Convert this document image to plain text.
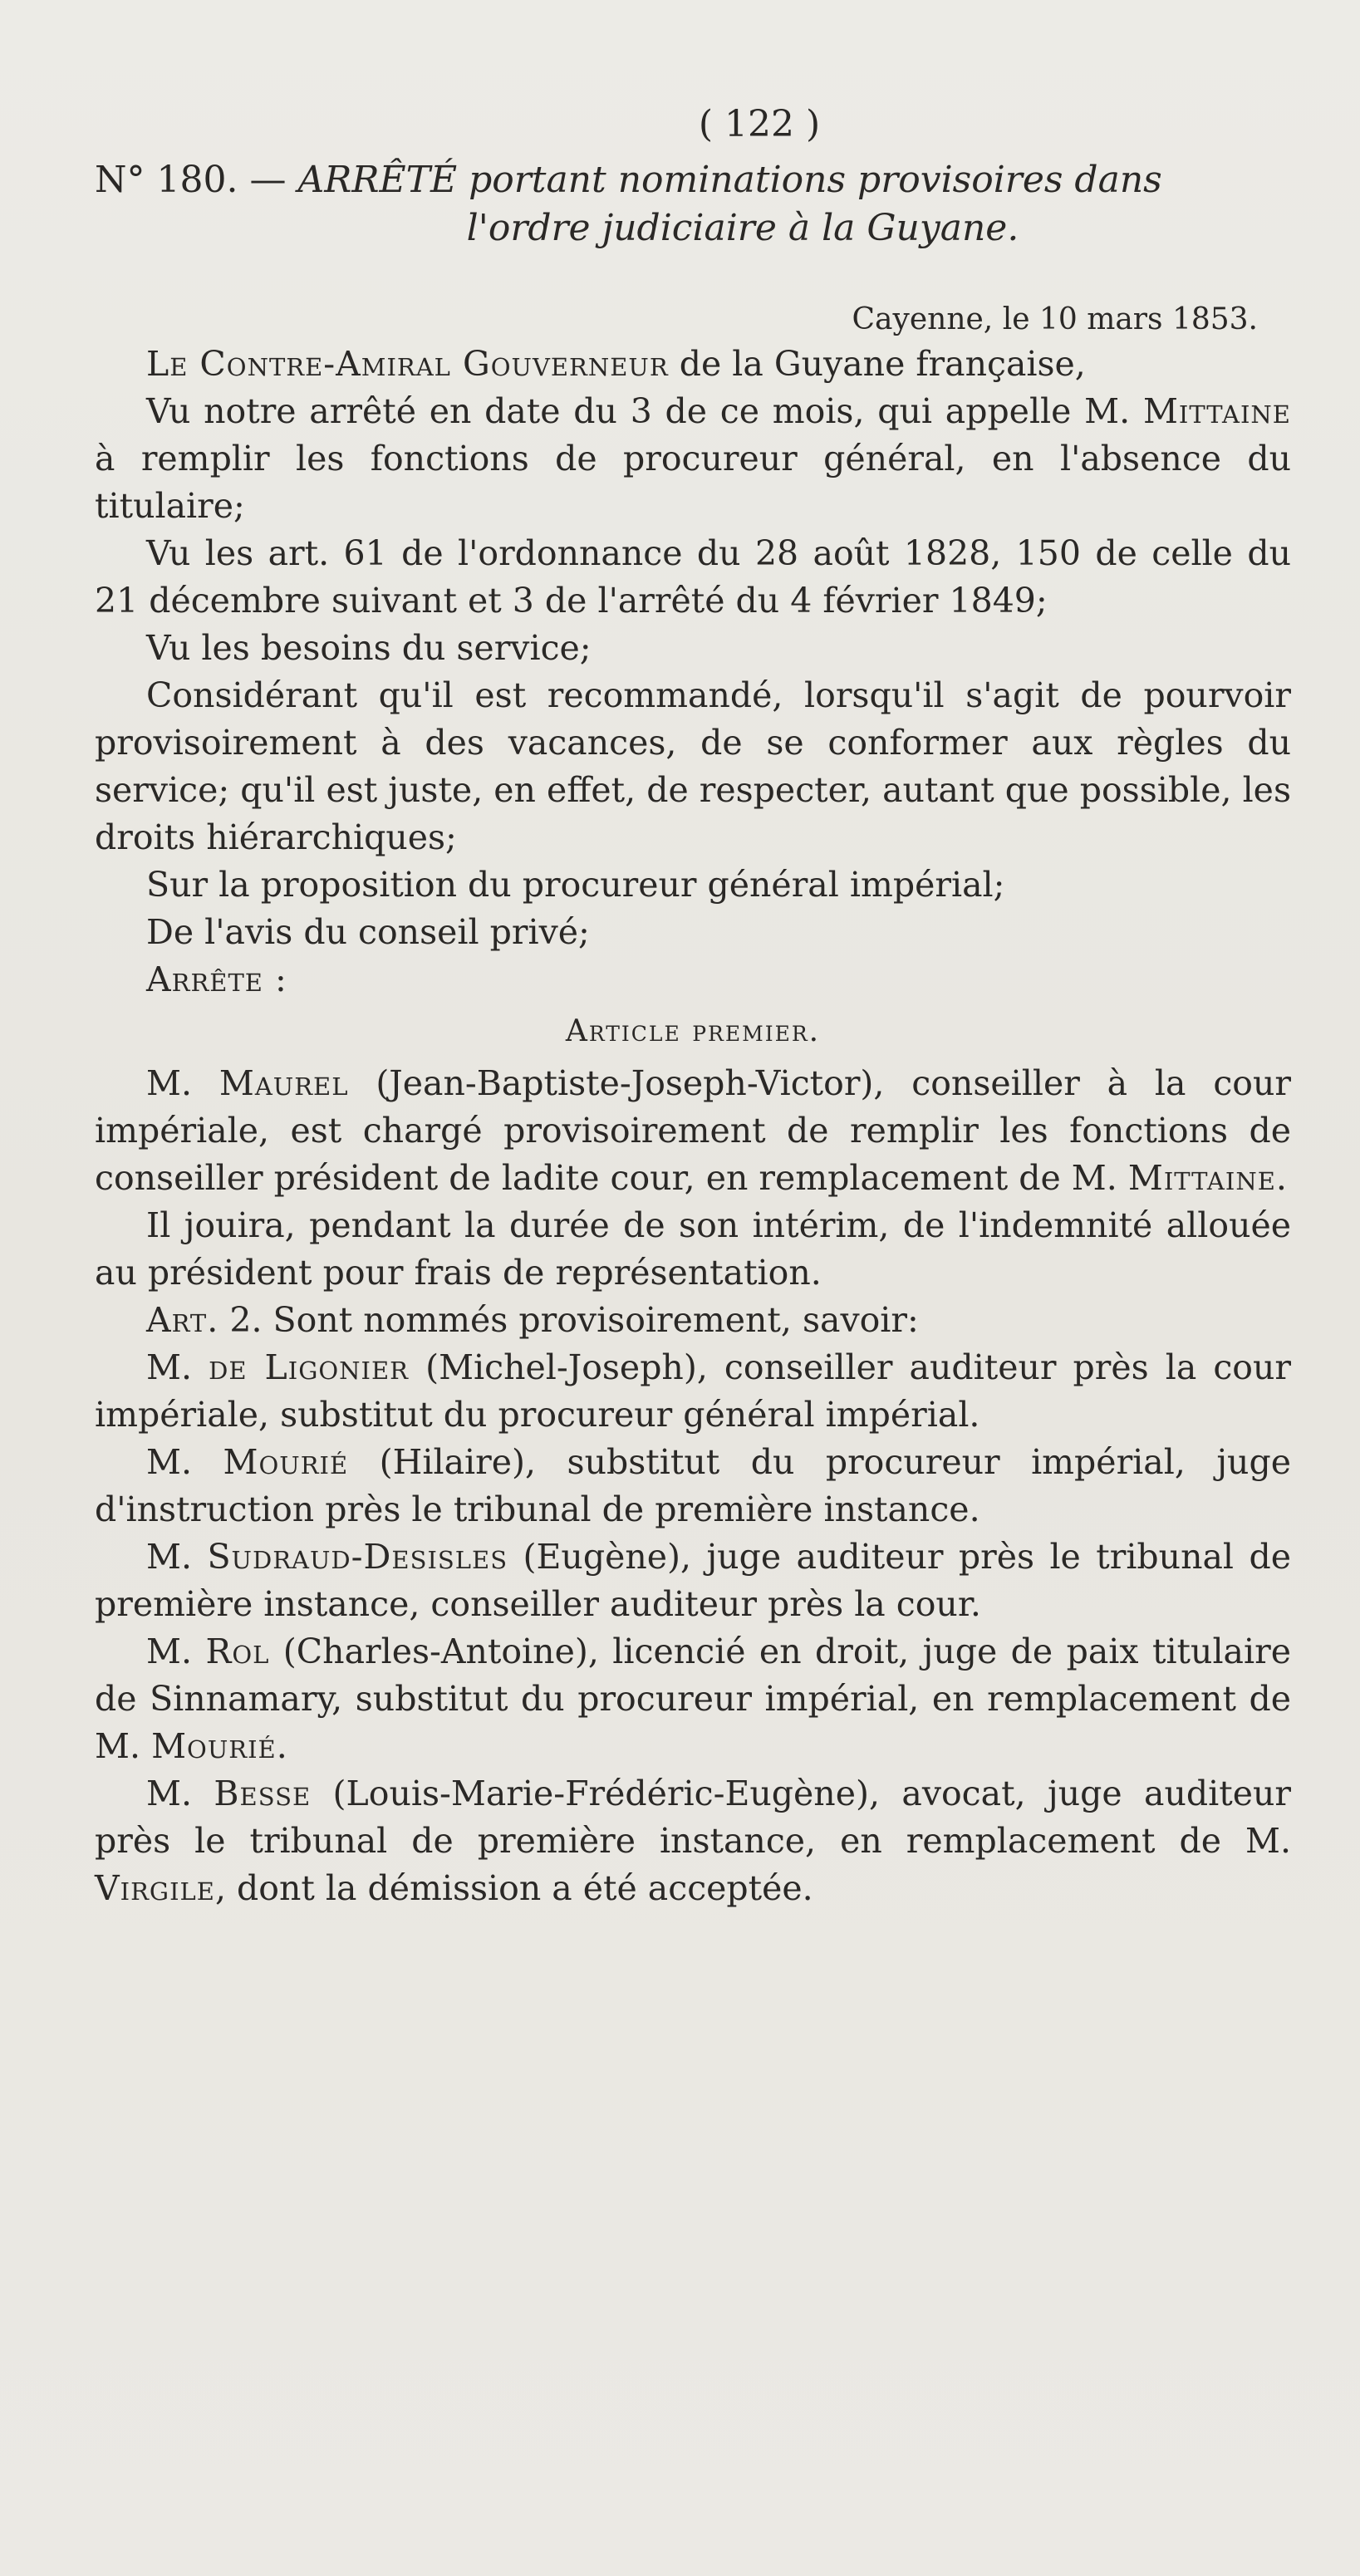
( 122 )
N° 180. — ARRÊTÉ portant nominations provisoires dans
l'ordre judiciaire à la Guyane.
Cayenne, le 10 mars 1853.

Le Contre-Amiral Gouverneur de la Guyane française,

Vu notre arrêté en date du 3 de ce mois, qui appelle M. Mittaine à remplir les fonctions de procureur général, en l'absence du titulaire;

Vu les art. 61 de l'ordonnance du 28 août 1828, 150 de celle du 21 décembre suivant et 3 de l'arrêté du 4 février 1849;

Vu les besoins du service;

Considérant qu'il est recommandé, lorsqu'il s'agit de pourvoir provisoirement à des vacances, de se conformer aux règles du service; qu'il est juste, en effet, de respecter, autant que possible, les droits hiérarchiques;

Sur la proposition du procureur général impérial;

De l'avis du conseil privé;

Arrête :

Article premier.

M. Maurel (Jean-Baptiste-Joseph-Victor), conseiller à la cour impériale, est chargé provisoirement de remplir les fonctions de conseiller président de ladite cour, en remplacement de M. Mittaine.

Il jouira, pendant la durée de son intérim, de l'indemnité allouée au président pour frais de représentation.

Art. 2. Sont nommés provisoirement, savoir:

M. de Ligonier (Michel-Joseph), conseiller auditeur près la cour impériale, substitut du procureur général impérial.

M. Mourié (Hilaire), substitut du procureur impérial, juge d'instruction près le tribunal de première instance.

M. Sudraud-Desisles (Eugène), juge auditeur près le tribunal de première instance, conseiller auditeur près la cour.

M. Rol (Charles-Antoine), licencié en droit, juge de paix titulaire de Sinnamary, substitut du procureur impérial, en remplacement de M. Mourié.

M. Besse (Louis-Marie-Frédéric-Eugène), avocat, juge auditeur près le tribunal de première instance, en remplacement de M. Virgile, dont la démission a été acceptée.
